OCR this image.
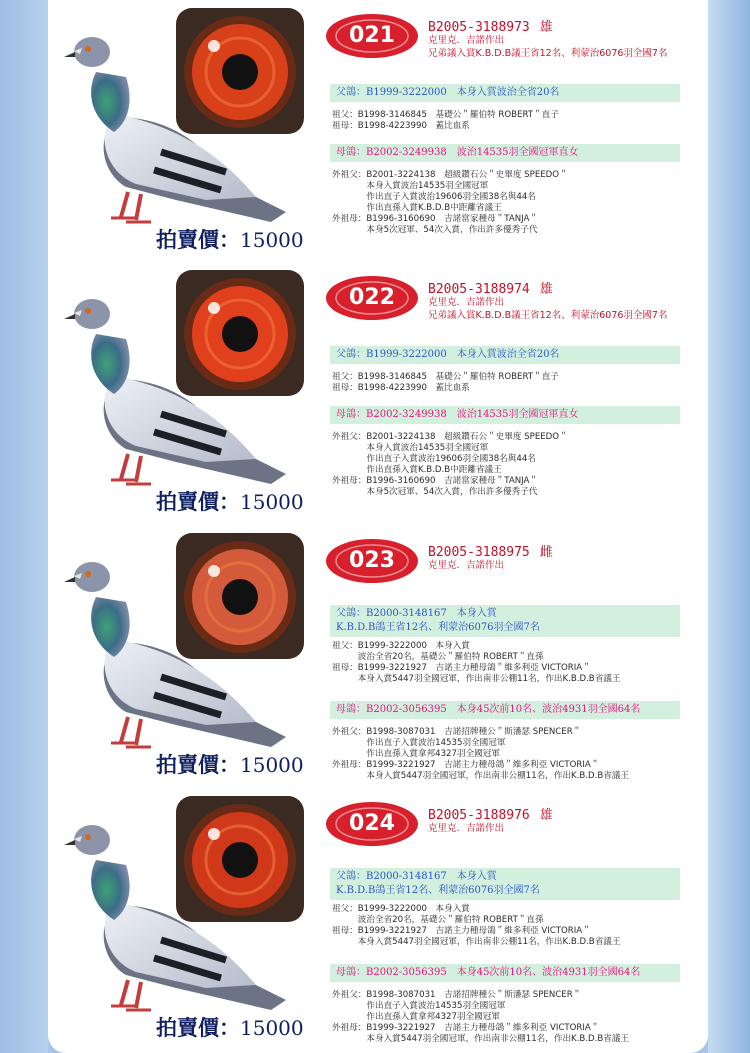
拍賣價：15000
021	B2005-3188973 雄
克里克．吉諾作出
兄弟議入賞K.B.D.B議王省12名、利蒙治6076羽全國7名
父鴿：B1999-3222000　本身入賞波治全省20名
祖父：B1998-3146845　基礎公＂羅伯特 ROBERT＂直子
祖母：B1998-4223990　蓋比血系
母鴿：B2002-3249938　波治14535羽全國冠軍直女
外祖父：B2001-3224138　超級鑽石公＂史畢度 SPEEDO＂
　　　　本身入賞波治14535羽全國冠軍
　　　　作出直子入賞波治19606羽全國38名與44名
　　　　作出直孫入賞K.B.D.B中距離省議王
外祖母：B1996-3160690　吉諾當家種母＂TANJA＂
　　　　本身5次冠軍、54次入賞，作出許多優秀子代
拍賣價：15000
022	B2005-3188974 雄
克里克．吉諾作出
兄弟議入賞K.B.D.B議王省12名、利蒙治6076羽全國7名
父鴿：B1999-3222000　本身入賞波治全省20名
祖父：B1998-3146845　基礎公＂羅伯特 ROBERT＂直子
祖母：B1998-4223990　蓋比血系
母鴿：B2002-3249938　波治14535羽全國冠軍直女
外祖父：B2001-3224138　超級鑽石公＂史畢度 SPEEDO＂
　　　　本身入賞波治14535羽全國冠軍
　　　　作出直子入賞波治19606羽全國38名與44名
　　　　作出直孫入賞K.B.D.B中距離省議王
外祖母：B1996-3160690　吉諾當家種母＂TANJA＂
　　　　本身5次冠軍、54次入賞，作出許多優秀子代
拍賣價：15000
023	B2005-3188975 雌
克里克．吉諾作出
父鴿：B2000-3148167　本身入賞
K.B.D.B鴿王省12名、利蒙治6076羽全國7名
祖父：B1999-3222000　本身入賞
　　　波治全省20名，基礎公＂羅伯特 ROBERT＂直孫
祖母：B1999-3221927　吉諾主力種母鴿＂維多利亞 VICTORIA＂
　　　本身入賞5447羽全國冠軍，作出南非公棚11名，作出K.B.D.B省議王
母鴿：B2002-3056395　本身45次前10名、波治4931羽全國64名
外祖父：B1998-3087031　吉諾招牌種公＂斯潘瑟 SPENCER＂
　　　　作出直子入賞波治14535羽全國冠軍
　　　　作出直孫入賞拿邦4327羽全國冠軍
外祖母：B1999-3221927　吉諾主力種母鴿＂維多利亞 VICTORIA＂
　　　　本身入賞5447羽全國冠軍，作出南非公棚11名，作出K.B.D.B省議王
拍賣價：15000
024	B2005-3188976 雄
克里克．吉諾作出
父鴿：B2000-3148167　本身入賞
K.B.D.B鴿王省12名、利蒙治6076羽全國7名
祖父：B1999-3222000　本身入賞
　　　波治全省20名，基礎公＂羅伯特 ROBERT＂直孫
祖母：B1999-3221927　吉諾主力種母鴿＂維多利亞 VICTORIA＂
　　　本身入賞5447羽全國冠軍，作出南非公棚11名，作出K.B.D.B省議王
母鴿：B2002-3056395　本身45次前10名、波治4931羽全國64名
外祖父：B1998-3087031　吉諾招牌種公＂斯潘瑟 SPENCER＂
　　　　作出直子入賞波治14535羽全國冠軍
　　　　作出直孫入賞拿邦4327羽全國冠軍
外祖母：B1999-3221927　吉諾主力種母鴿＂維多利亞 VICTORIA＂
　　　　本身入賞5447羽全國冠軍，作出南非公棚11名，作出K.B.D.B省議王
